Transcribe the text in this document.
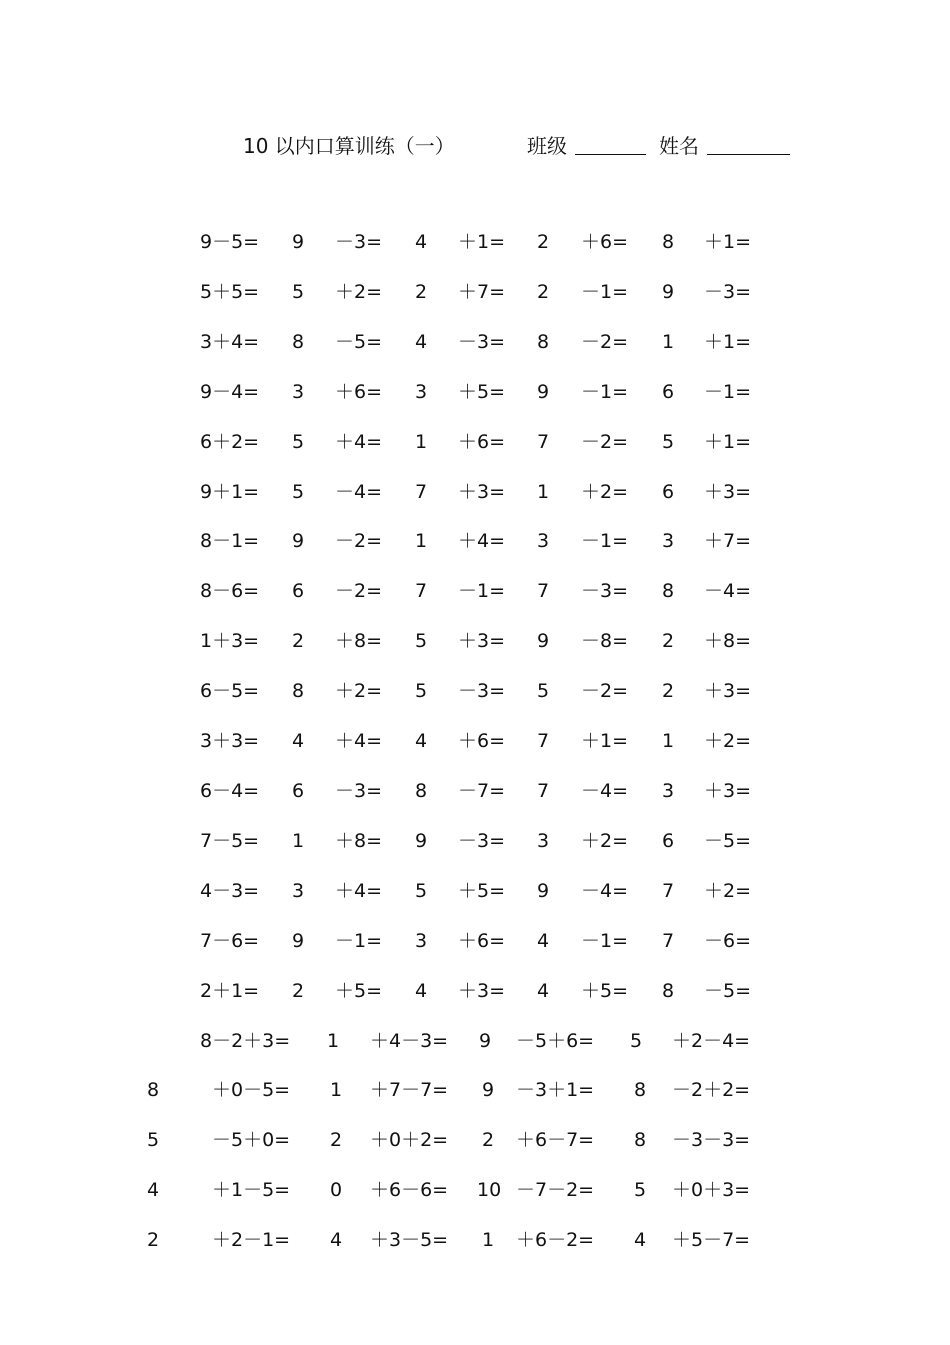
10 以内口算训练（一）	班级	姓名
9－5= 9 －3= 4 ＋1= 2 ＋6= 8 ＋1=
5＋5= 5 ＋2= 2 ＋7= 2 －1= 9 －3=
3＋4= 8 －5= 4 －3= 8 －2= 1 ＋1=
9－4= 3 ＋6= 3 ＋5= 9 －1= 6 －1=
6＋2= 5 ＋4= 1 ＋6= 7 －2= 5 ＋1=
9＋1= 5 －4= 7 ＋3= 1 ＋2= 6 ＋3=
8－1= 9 －2= 1 ＋4= 3 －1= 3 ＋7=
8－6= 6 －2= 7 －1= 7 －3= 8 －4=
1＋3= 2 ＋8= 5 ＋3= 9 －8= 2 ＋8=
6－5= 8 ＋2= 5 －3= 5 －2= 2 ＋3=
3＋3= 4 ＋4= 4 ＋6= 7 ＋1= 1 ＋2=
6－4= 6 －3= 8 －7= 7 －4= 3 ＋3=
7－5= 1 ＋8= 9 －3= 3 ＋2= 6 －5=
4－3= 3 ＋4= 5 ＋5= 9 －4= 7 ＋2=
7－6= 9 －1= 3 ＋6= 4 －1= 7 －6=
2＋1= 2 ＋5= 4 ＋3= 4 ＋5= 8 －5=
8－2＋3= 1 ＋4－3= 9 －5＋6= 5 ＋2－4=
8	＋0－5= 1 ＋7－7= 9 －3＋1= 8 －2＋2=
5	－5＋0= 2 ＋0＋2= 2 ＋6－7= 8 －3－3=
4	＋1－5= 0 ＋6－6= 10 －7－2= 5 ＋0＋3=
2	＋2－1= 4 ＋3－5= 1 ＋6－2= 4 ＋5－7=
